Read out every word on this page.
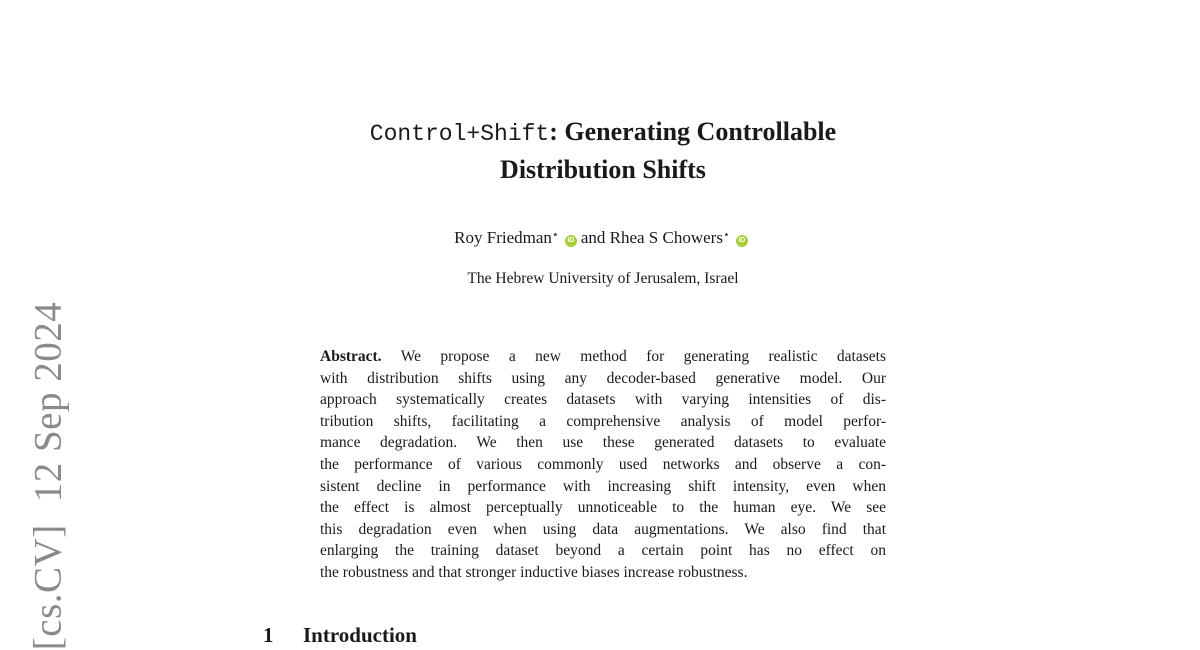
[cs.CV]12 Sep 2024
Control+Shift: Generating Controllable
Distribution Shifts
Roy Friedman⋆ iD and Rhea S Chowers⋆ iD
The Hebrew University of Jerusalem, Israel
Abstract. We propose a new method for generating realistic datasets
with distribution shifts using any decoder-based generative model. Our
approach systematically creates datasets with varying intensities of dis-
tribution shifts, facilitating a comprehensive analysis of model perfor-
mance degradation. We then use these generated datasets to evaluate
the performance of various commonly used networks and observe a con-
sistent decline in performance with increasing shift intensity, even when
the effect is almost perceptually unnoticeable to the human eye. We see
this degradation even when using data augmentations. We also find that
enlarging the training dataset beyond a certain point has no effect on
the robustness and that stronger inductive biases increase robustness.
1 Introduction
